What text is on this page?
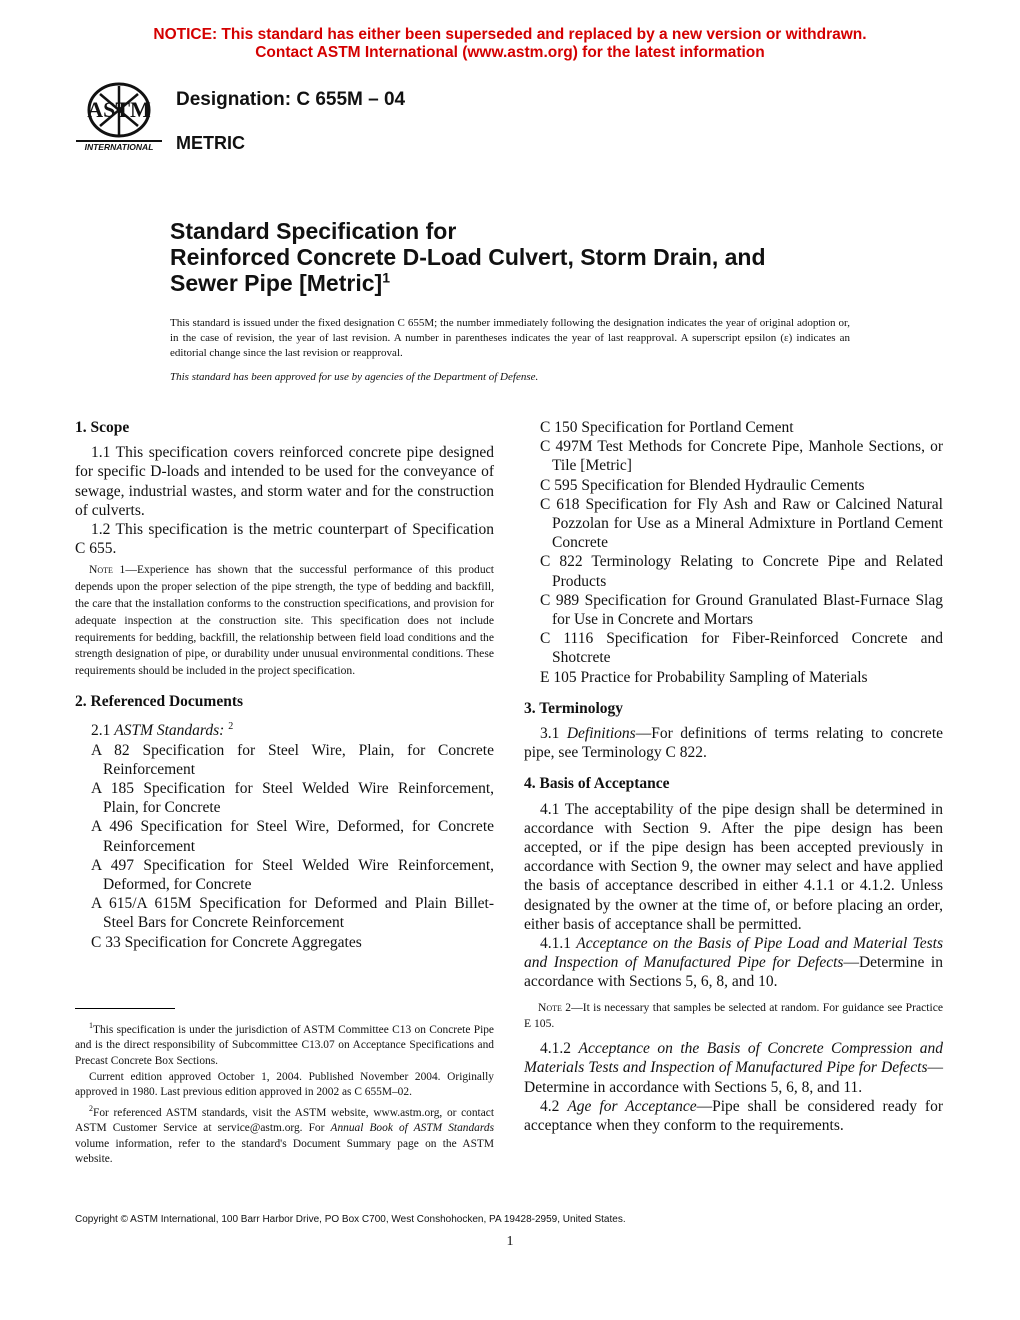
NOTICE: This standard has either been superseded and replaced by a new version or withdrawn.
Contact ASTM International (www.astm.org) for the latest information
ASTM
INTERNATIONAL
Designation: C 655M – 04
METRIC
Standard Specification for
Reinforced Concrete D-Load Culvert, Storm Drain, and
Sewer Pipe [Metric]$^1$
This standard is issued under the fixed designation C 655M; the number immediately following the designation indicates the year of original adoption or, in the case of revision, the year of last revision. A number in parentheses indicates the year of last reapproval. A superscript epsilon (ε) indicates an editorial change since the last revision or reapproval.
This standard has been approved for use by agencies of the Department of Defense.

1. Scope

1.1 This specification covers reinforced concrete pipe designed for specific D-loads and intended to be used for the conveyance of sewage, industrial wastes, and storm water and for the construction of culverts.

1.2 This specification is the metric counterpart of Specification C 655.

Note 1—Experience has shown that the successful performance of this product depends upon the proper selection of the pipe strength, the type of bedding and backfill, the care that the installation conforms to the construction specifications, and provision for adequate inspection at the construction site. This specification does not include requirements for bedding, backfill, the relationship between field load conditions and the strength designation of pipe, or durability under unusual environmental conditions. These requirements should be included in the project specification.

2. Referenced Documents

2.1 ASTM Standards: $^2$

A 82 Specification for Steel Wire, Plain, for Concrete Reinforcement

A 185 Specification for Steel Welded Wire Reinforcement, Plain, for Concrete

A 496 Specification for Steel Wire, Deformed, for Concrete Reinforcement

A 497 Specification for Steel Welded Wire Reinforcement, Deformed, for Concrete

A 615/A 615M Specification for Deformed and Plain Billet-Steel Bars for Concrete Reinforcement

C 33 Specification for Concrete Aggregates

$^1$This specification is under the jurisdiction of ASTM Committee C13 on Concrete Pipe and is the direct responsibility of Subcommittee C13.07 on Acceptance Specifications and Precast Concrete Box Sections.

Current edition approved October 1, 2004. Published November 2004. Originally approved in 1980. Last previous edition approved in 2002 as C 655M–02.

$^2$For referenced ASTM standards, visit the ASTM website, www.astm.org, or contact ASTM Customer Service at service@astm.org. For Annual Book of ASTM Standards volume information, refer to the standard's Document Summary page on the ASTM website.

C 150 Specification for Portland Cement

C 497M Test Methods for Concrete Pipe, Manhole Sections, or Tile [Metric]

C 595 Specification for Blended Hydraulic Cements

C 618 Specification for Fly Ash and Raw or Calcined Natural Pozzolan for Use as a Mineral Admixture in Portland Cement Concrete

C 822 Terminology Relating to Concrete Pipe and Related Products

C 989 Specification for Ground Granulated Blast-Furnace Slag for Use in Concrete and Mortars

C 1116 Specification for Fiber-Reinforced Concrete and Shotcrete

E 105 Practice for Probability Sampling of Materials

3. Terminology

3.1 Definitions—For definitions of terms relating to concrete pipe, see Terminology C 822.

4. Basis of Acceptance

4.1 The acceptability of the pipe design shall be determined in accordance with Section 9. After the pipe design has been accepted, or if the pipe design has been accepted previously in accordance with Section 9, the owner may select and have applied the basis of acceptance described in either 4.1.1 or 4.1.2. Unless designated by the owner at the time of, or before placing an order, either basis of acceptance shall be permitted.

4.1.1 Acceptance on the Basis of Pipe Load and Material Tests and Inspection of Manufactured Pipe for Defects—Determine in accordance with Sections 5, 6, 8, and 10.

Note 2—It is necessary that samples be selected at random. For guidance see Practice E 105.

4.1.2 Acceptance on the Basis of Concrete Compression and Materials Tests and Inspection of Manufactured Pipe for Defects—Determine in accordance with Sections 5, 6, 8, and 11.

4.2 Age for Acceptance—Pipe shall be considered ready for acceptance when they conform to the requirements.

Copyright © ASTM International, 100 Barr Harbor Drive, PO Box C700, West Conshohocken, PA 19428-2959, United States.
1
